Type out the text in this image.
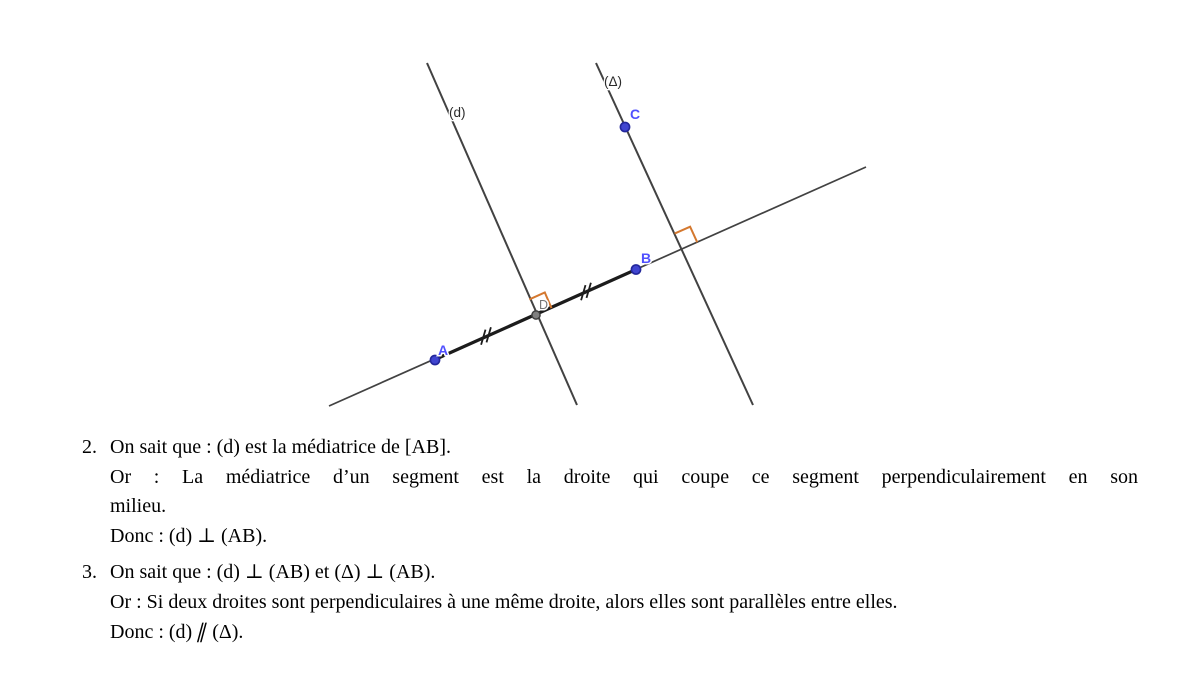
A
B
C
D
(d)
(Δ)
2. On sait que : (d) est la médiatrice de [AB].
Or : La médiatrice d’un segment est la droite qui coupe ce segment perpendiculairement en son
milieu.
Donc : (d) ⊥ (AB).
3. On sait que : (d) ⊥ (AB) et (Δ) ⊥ (AB).
Or : Si deux droites sont perpendiculaires à une même droite, alors elles sont parallèles entre elles.
Donc : (d) ∥ (Δ).
